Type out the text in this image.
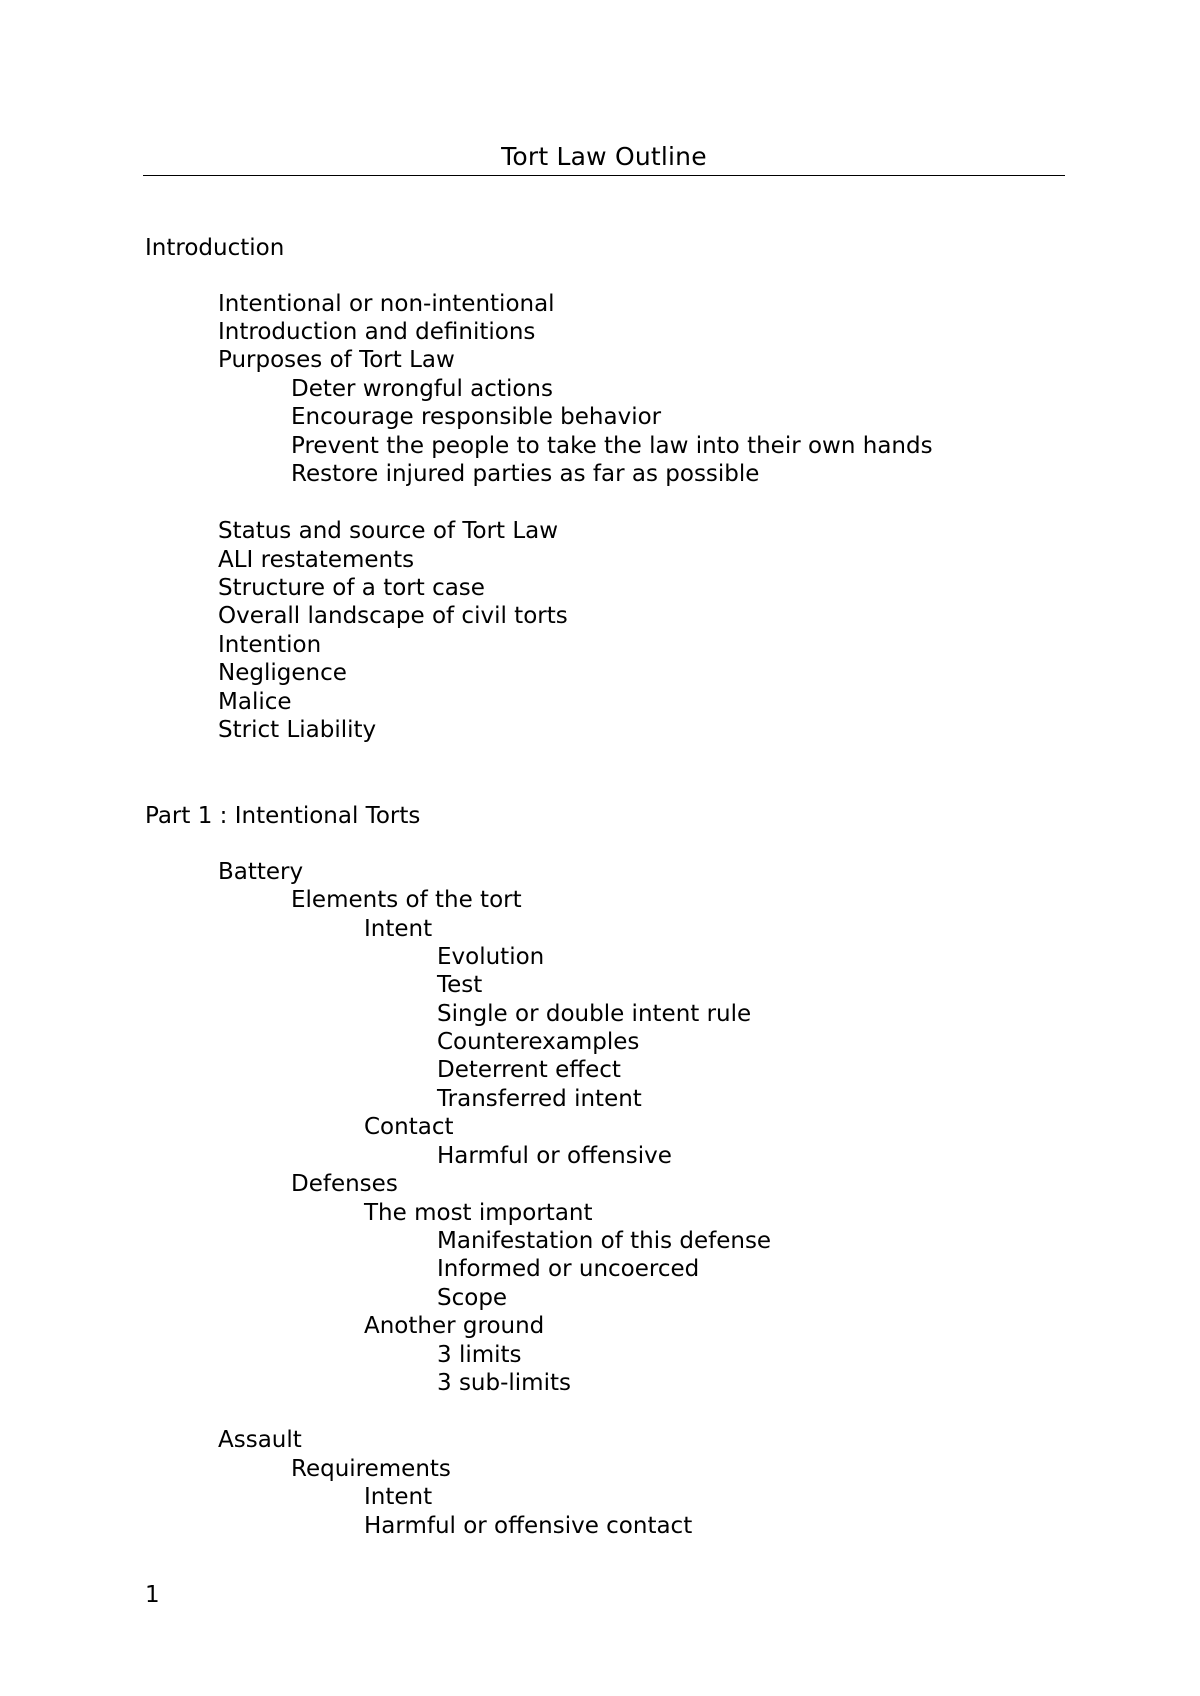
Tort Law Outline
Introduction
Intentional or non-intentional
Introduction and definitions
Purposes of Tort Law
Deter wrongful actions
Encourage responsible behavior
Prevent the people to take the law into their own hands
Restore injured parties as far as possible
Status and source of Tort Law
ALI restatements
Structure of a tort case
Overall landscape of civil torts
Intention
Negligence
Malice
Strict Liability
Part 1 : Intentional Torts
Battery
Elements of the tort
Intent
Evolution
Test
Single or double intent rule
Counterexamples
Deterrent effect
Transferred intent
Contact
Harmful or offensive
Defenses
The most important
Manifestation of this defense
Informed or uncoerced
Scope
Another ground
3 limits
3 sub-limits
Assault
Requirements
Intent
Harmful or offensive contact
1
